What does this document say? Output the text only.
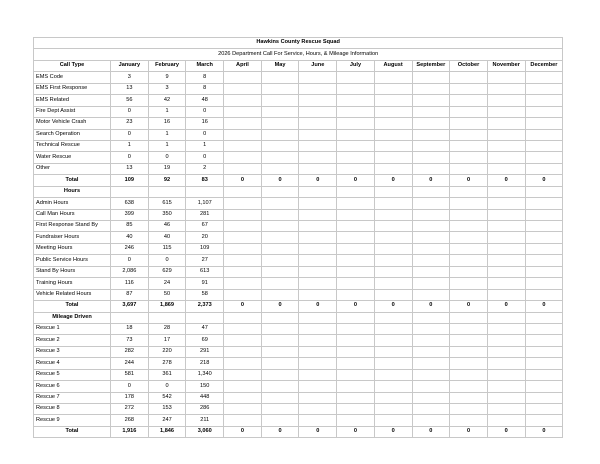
Hawkins County Rescue Squad												
2026 Department Call For Service, Hours, & Mileage Information												
Call Type	January	February	March	April	May	June	July	August	September	October	November	December
EMS Code	3	9	8									
EMS First Response	13	3	8									
EMS Related	56	42	48									
Fire Dept Assist	0	1	0									
Motor Vehicle Crash	23	16	16									
Search Operation	0	1	0									
Technical Rescue	1	1	1									
Water Rescue	0	0	0									
Other	13	19	2									
Total	109	92	83	0	0	0	0	0	0	0	0	0
Hours												
Admin Hours	638	615	1,107									
Call Man Hours	399	350	281									
First Response Stand By	85	46	67									
Fundraiser Hours	40	40	20									
Meeting Hours	246	115	109									
Public Service Hours	0	0	27									
Stand By Hours	2,086	629	613									
Training Hours	116	24	91									
Vehicle Related Hours	87	50	58									
Total	3,697	1,869	2,373	0	0	0	0	0	0	0	0	0
Mileage Driven												
Rescue 1	18	28	47									
Rescue 2	73	17	69									
Rescue 3	282	220	291									
Rescue 4	244	278	218									
Rescue 5	581	361	1,340									
Rescue 6	0	0	150									
Rescue 7	178	542	448									
Rescue 8	272	153	286									
Rescue 9	268	247	211									
Total	1,916	1,846	3,060	0	0	0	0	0	0	0	0	0
